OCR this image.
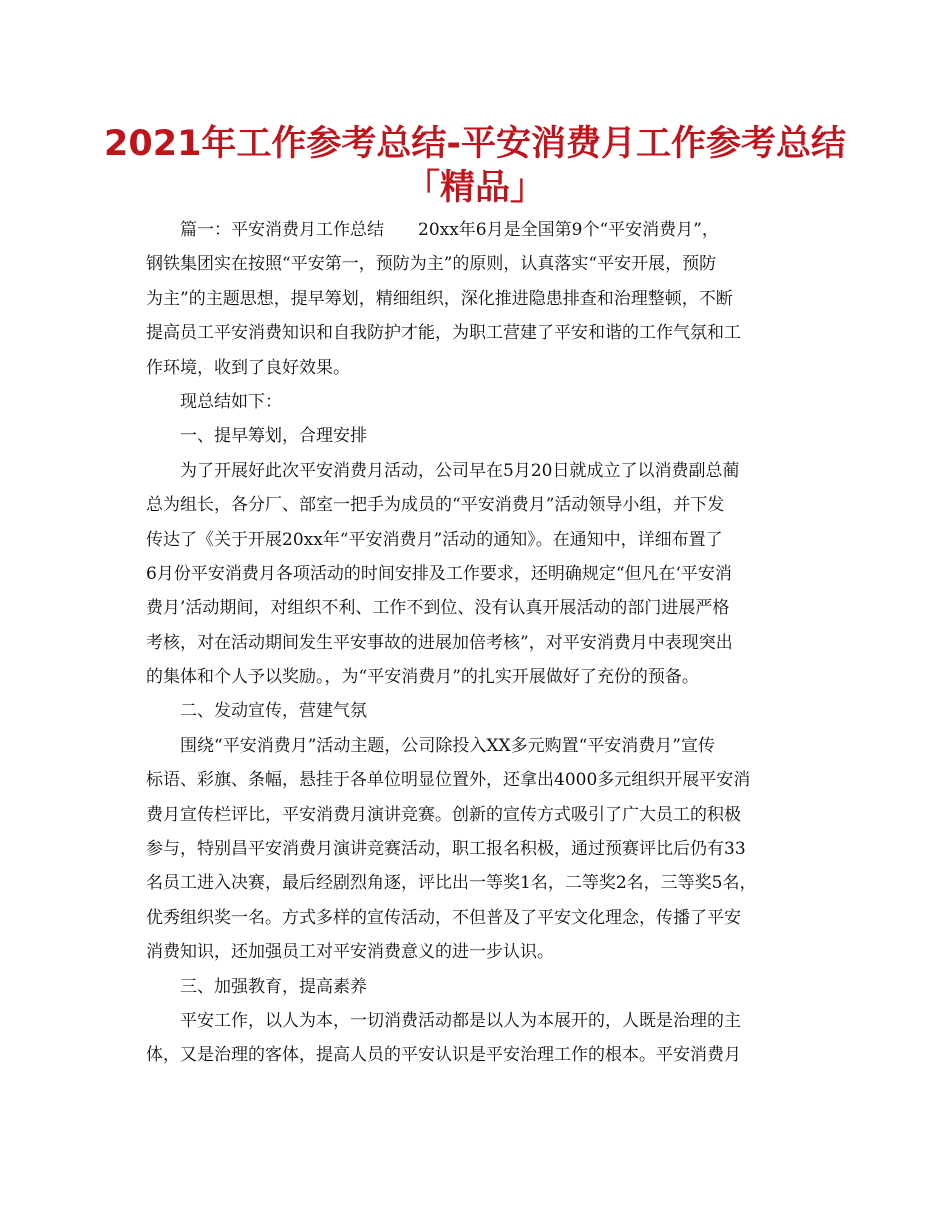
2021年工作参考总结-平安消费月工作参考总结
「精品」
篇一：平安消费月工作总结　　20xx年6月是全国第9个“平安消费月”，
钢铁集团实在按照“平安第一，预防为主”的原则，认真落实“平安开展，预防
为主”的主题思想，提早筹划，精细组织，深化推进隐患排查和治理整顿，不断
提高员工平安消费知识和自我防护才能，为职工营建了平安和谐的工作气氛和工
作环境，收到了良好效果。
现总结如下：
一、提早筹划，合理安排
为了开展好此次平安消费月活动，公司早在5月20日就成立了以消费副总蔺
总为组长，各分厂、部室一把手为成员的“平安消费月”活动领导小组，并下发
传达了《关于开展20xx年“平安消费月”活动的通知》。在通知中，详细布置了
6月份平安消费月各项活动的时间安排及工作要求，还明确规定“但凡在‘平安消
费月’活动期间，对组织不利、工作不到位、没有认真开展活动的部门进展严格
考核，对在活动期间发生平安事故的进展加倍考核”，对平安消费月中表现突出
的集体和个人予以奖励。，为“平安消费月”的扎实开展做好了充份的预备。
二、发动宣传，营建气氛
围绕“平安消费月”活动主题，公司除投入XX多元购置“平安消费月”宣传
标语、彩旗、条幅，悬挂于各单位明显位置外，还拿出4000多元组织开展平安消
费月宣传栏评比，平安消费月演讲竞赛。创新的宣传方式吸引了广大员工的积极
参与，特别昌平安消费月演讲竞赛活动，职工报名积极，通过预赛评比后仍有33
名员工进入决赛，最后经剧烈角逐，评比出一等奖1名，二等奖2名，三等奖5名，
优秀组织奖一名。方式多样的宣传活动，不但普及了平安文化理念，传播了平安
消费知识，还加强员工对平安消费意义的进一步认识。
三、加强教育，提高素养
平安工作，以人为本，一切消费活动都是以人为本展开的，人既是治理的主
体，又是治理的客体，提高人员的平安认识是平安治理工作的根本。平安消费月
